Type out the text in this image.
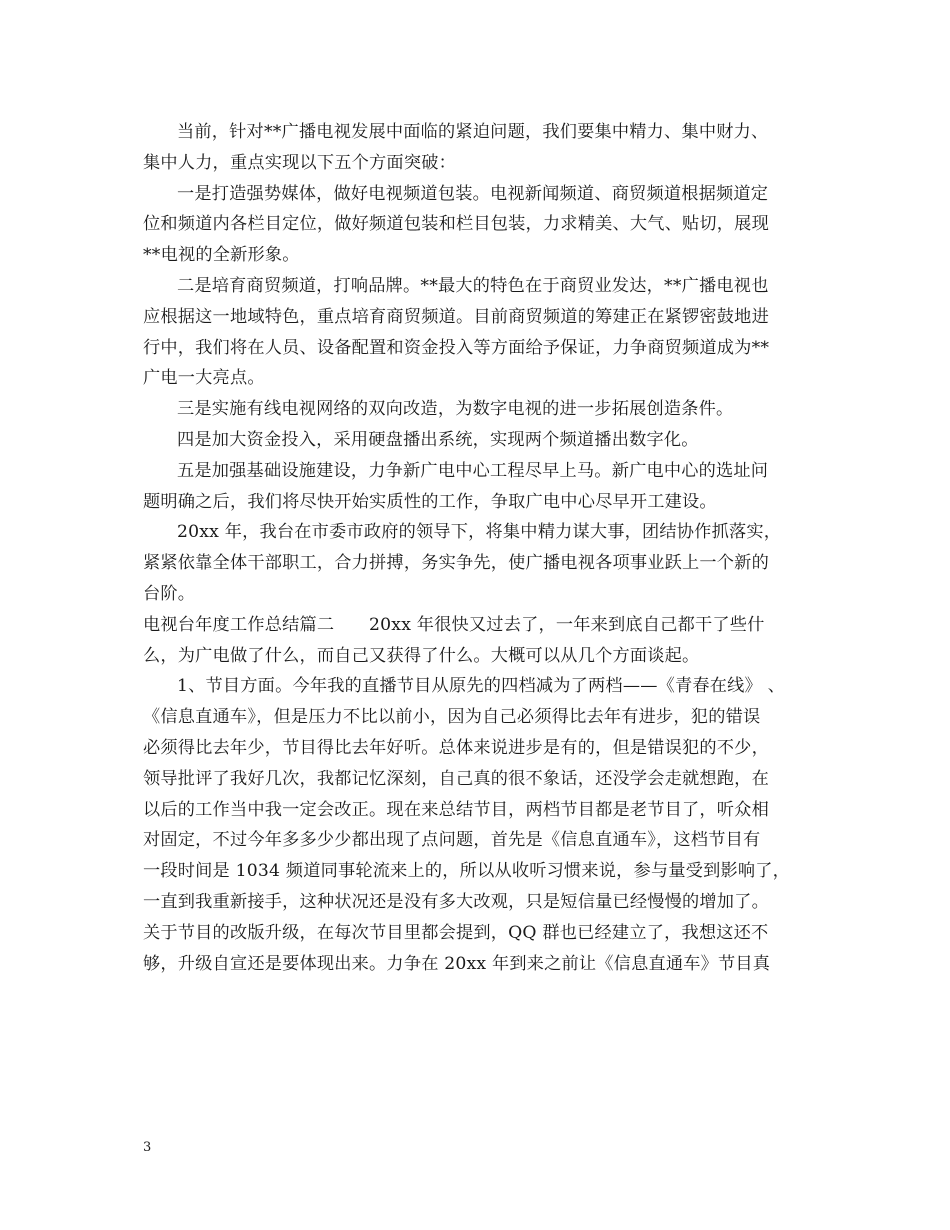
当前，针对**广播电视发展中面临的紧迫问题，我们要集中精力、集中财力、
集中人力，重点实现以下五个方面突破：
一是打造强势媒体，做好电视频道包装。电视新闻频道、商贸频道根据频道定
位和频道内各栏目定位，做好频道包装和栏目包装，力求精美、大气、贴切，展现
**电视的全新形象。
二是培育商贸频道，打响品牌。**最大的特色在于商贸业发达，**广播电视也
应根据这一地域特色，重点培育商贸频道。目前商贸频道的筹建正在紧锣密鼓地进
行中，我们将在人员、设备配置和资金投入等方面给予保证，力争商贸频道成为**
广电一大亮点。
三是实施有线电视网络的双向改造，为数字电视的进一步拓展创造条件。
四是加大资金投入，采用硬盘播出系统，实现两个频道播出数字化。
五是加强基础设施建设，力争新广电中心工程尽早上马。新广电中心的选址问
题明确之后，我们将尽快开始实质性的工作，争取广电中心尽早开工建设。
20xx 年，我台在市委市政府的领导下，将集中精力谋大事，团结协作抓落实，
紧紧依靠全体干部职工，合力拼搏，务实争先，使广播电视各项事业跃上一个新的
台阶。
电视台年度工作总结篇二　　20xx 年很快又过去了，一年来到底自己都干了些什
么，为广电做了什么，而自己又获得了什么。大概可以从几个方面谈起。
1、节目方面。今年我的直播节目从原先的四档减为了两档——《青春在线》 、
《信息直通车》，但是压力不比以前小，因为自己必须得比去年有进步，犯的错误
必须得比去年少，节目得比去年好听。总体来说进步是有的，但是错误犯的不少，
领导批评了我好几次，我都记忆深刻，自己真的很不象话，还没学会走就想跑，在
以后的工作当中我一定会改正。现在来总结节目，两档节目都是老节目了，听众相
对固定，不过今年多多少少都出现了点问题，首先是《信息直通车》，这档节目有
一段时间是 1034 频道同事轮流来上的，所以从收听习惯来说，参与量受到影响了，
一直到我重新接手，这种状况还是没有多大改观，只是短信量已经慢慢的增加了。
关于节目的改版升级，在每次节目里都会提到，QQ 群也已经建立了，我想这还不
够，升级自宣还是要体现出来。力争在 20xx 年到来之前让《信息直通车》节目真
3
